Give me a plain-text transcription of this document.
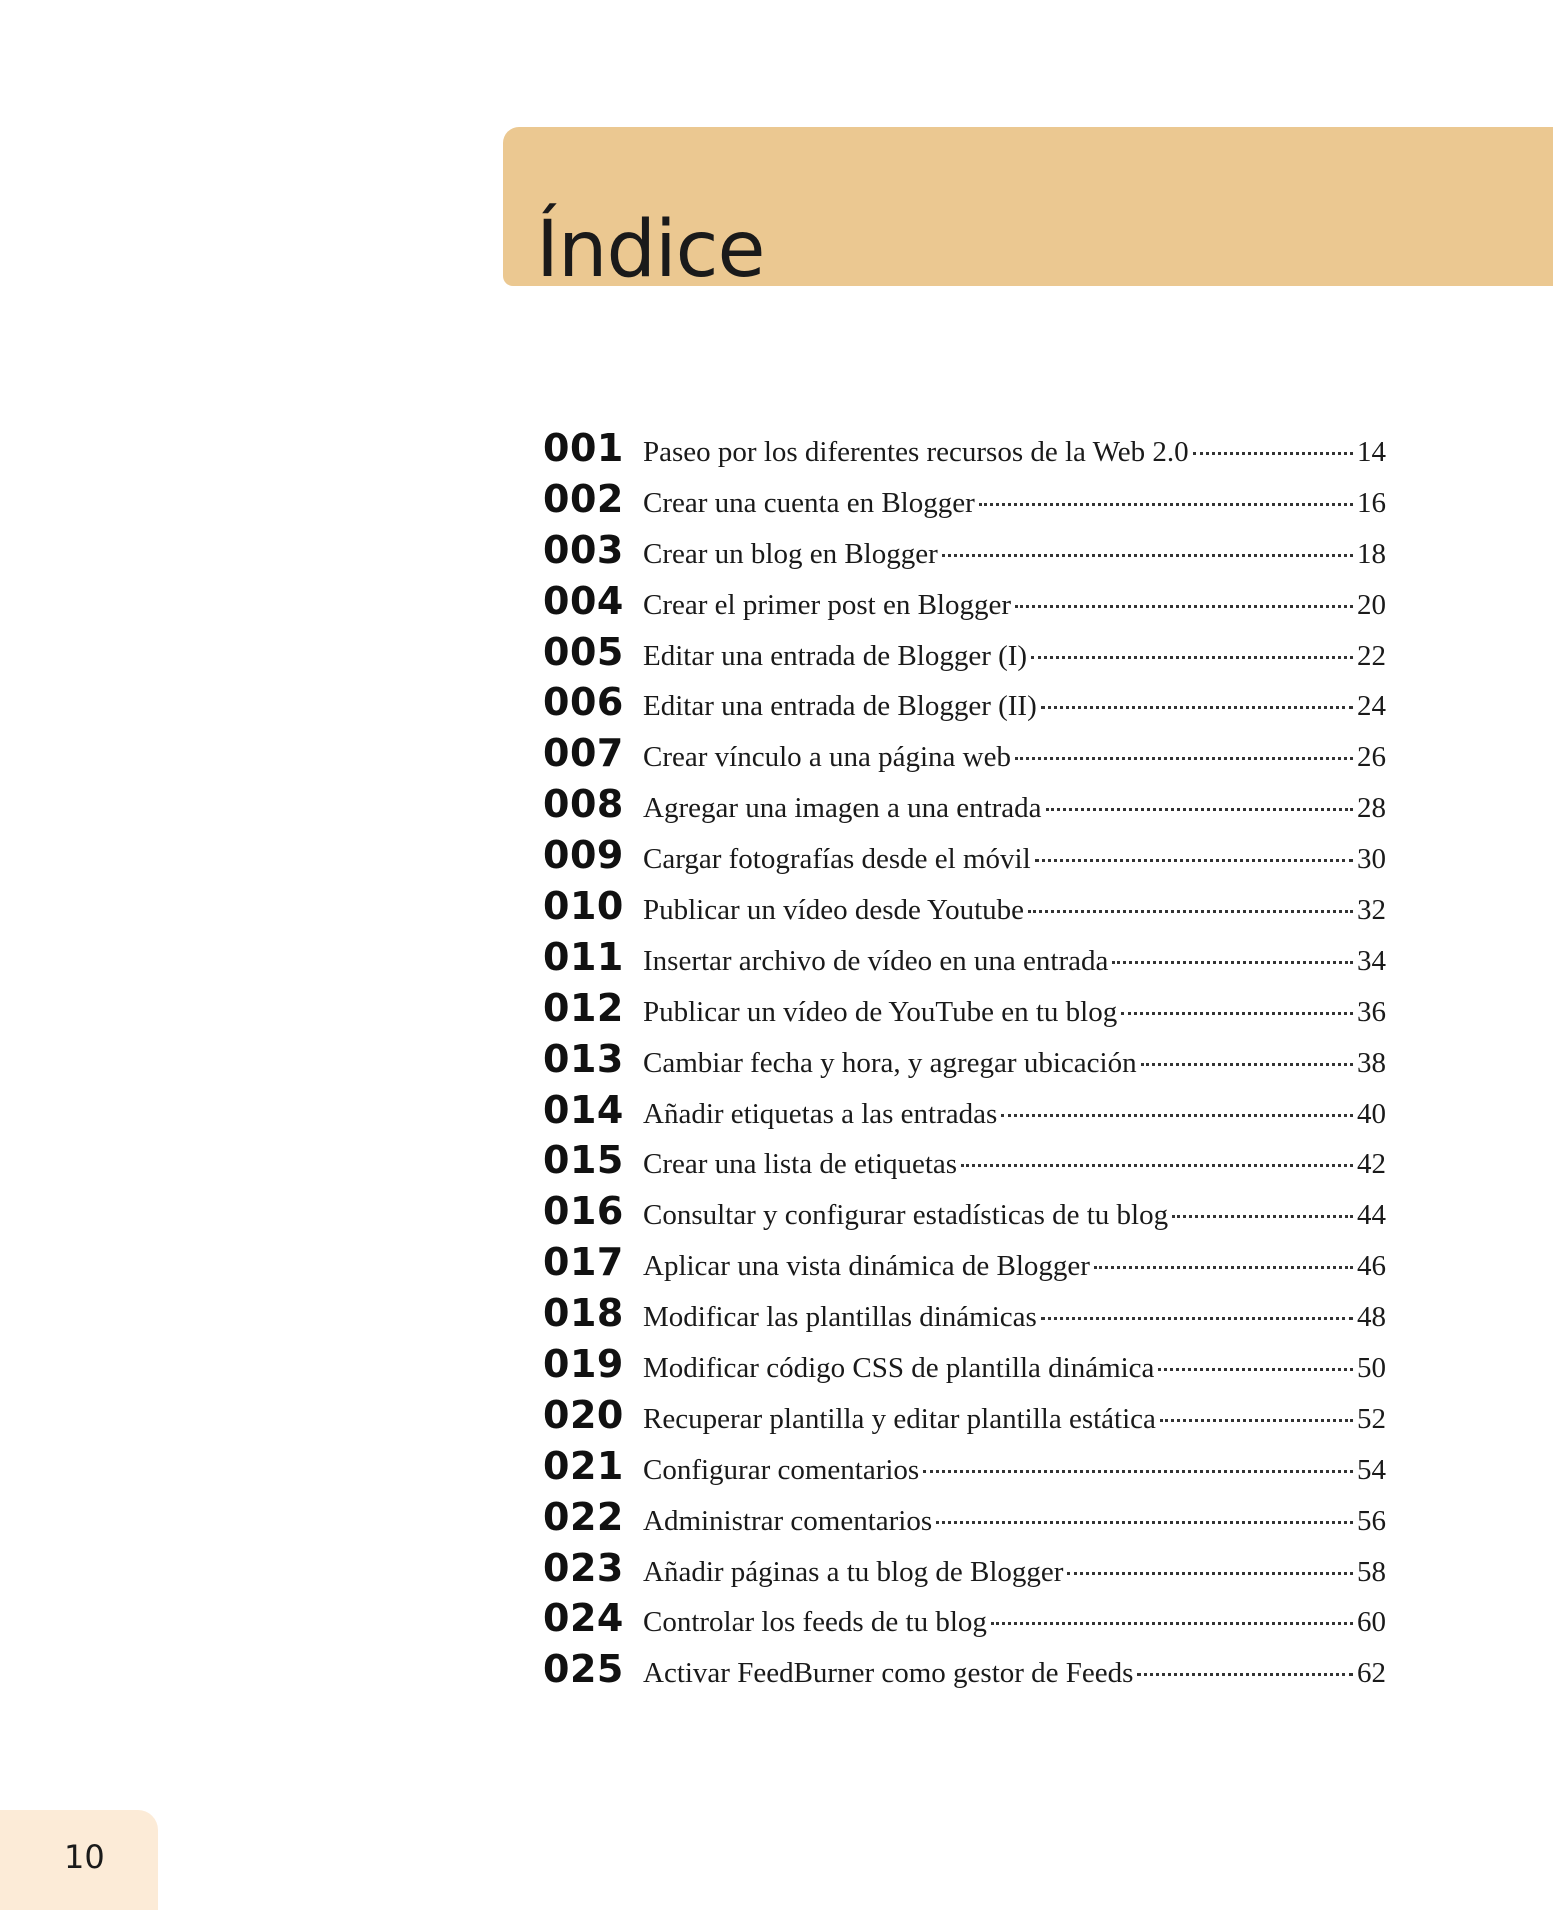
Índice
001 Paseo por los diferentes recursos de la Web 2.0	14
002 Crear una cuenta en Blogger	16
003 Crear un blog en Blogger	18
004 Crear el primer post en Blogger	20
005 Editar una entrada de Blogger (I)	22
006 Editar una entrada de Blogger (II)	24
007 Crear vínculo a una página web	26
008 Agregar una imagen a una entrada	28
009 Cargar fotografías desde el móvil	30
010 Publicar un vídeo desde Youtube	32
011 Insertar archivo de vídeo en una entrada	34
012 Publicar un vídeo de YouTube en tu blog	36
013 Cambiar fecha y hora, y agregar ubicación	38
014 Añadir etiquetas a las entradas	40
015 Crear una lista de etiquetas	42
016 Consultar y configurar estadísticas de tu blog	44
017 Aplicar una vista dinámica de Blogger	46
018 Modificar las plantillas dinámicas	48
019 Modificar código CSS de plantilla dinámica	50
020 Recuperar plantilla y editar plantilla estática	52
021 Configurar comentarios	54
022 Administrar comentarios	56
023 Añadir páginas a tu blog de Blogger	58
024 Controlar los feeds de tu blog	60
025 Activar FeedBurner como gestor de Feeds	62
10
